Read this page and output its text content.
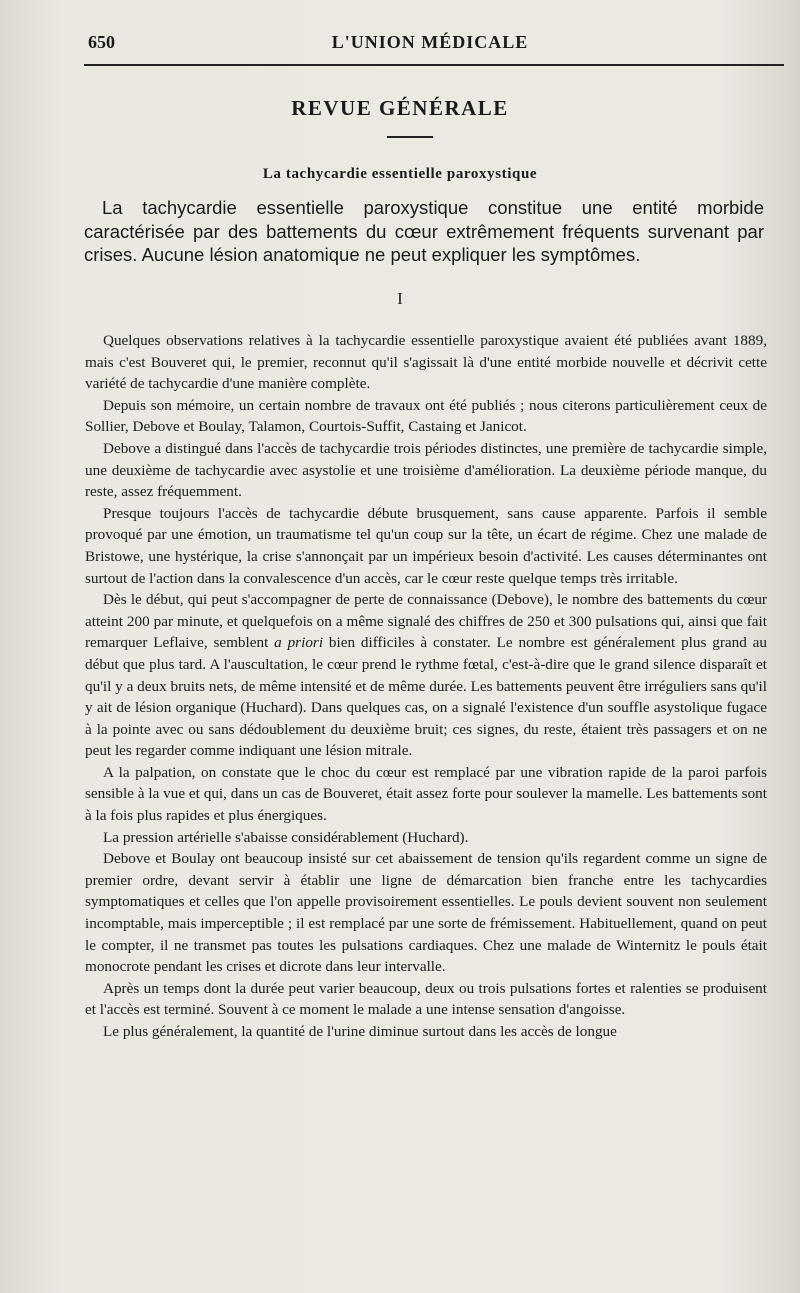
650	L'UNION MÉDICALE
REVUE GÉNÉRALE
La tachycardie essentielle paroxystique
La tachycardie essentielle paroxystique constitue une entité morbide caractérisée par des battements du cœur extrêmement fréquents survenant par crises. Aucune lésion anatomique ne peut expliquer les symptômes.
I

Quelques observations relatives à la tachycardie essentielle paroxystique avaient été publiées avant 1889, mais c'est Bouveret qui, le premier, reconnut qu'il s'agissait là d'une entité morbide nouvelle et décrivit cette variété de tachycardie d'une manière complète.

Depuis son mémoire, un certain nombre de travaux ont été publiés ; nous citerons particulièrement ceux de Sollier, Debove et Boulay, Talamon, Courtois-Suffit, Castaing et Janicot.

Debove a distingué dans l'accès de tachycardie trois périodes distinctes, une première de tachycardie simple, une deuxième de tachycardie avec asystolie et une troisième d'amélioration. La deuxième période manque, du reste, assez fréquemment.

Presque toujours l'accès de tachycardie débute brusquement, sans cause apparente. Parfois il semble provoqué par une émotion, un traumatisme tel qu'un coup sur la tête, un écart de régime. Chez une malade de Bristowe, une hystérique, la crise s'annonçait par un impérieux besoin d'activité. Les causes déterminantes ont surtout de l'action dans la convalescence d'un accès, car le cœur reste quelque temps très irritable.

Dès le début, qui peut s'accompagner de perte de connaissance (Debove), le nombre des battements du cœur atteint 200 par minute, et quelquefois on a même signalé des chiffres de 250 et 300 pulsations qui, ainsi que fait remarquer Leflaive, semblent a priori bien difficiles à constater. Le nombre est généralement plus grand au début que plus tard. A l'auscultation, le cœur prend le rythme fœtal, c'est-à-dire que le grand silence disparaît et qu'il y a deux bruits nets, de même intensité et de même durée. Les battements peuvent être irréguliers sans qu'il y ait de lésion organique (Huchard). Dans quelques cas, on a signalé l'existence d'un souffle asystolique fugace à la pointe avec ou sans dédoublement du deuxième bruit; ces signes, du reste, étaient très passagers et on ne peut les regarder comme indiquant une lésion mitrale.

A la palpation, on constate que le choc du cœur est remplacé par une vibration rapide de la paroi parfois sensible à la vue et qui, dans un cas de Bouveret, était assez forte pour soulever la mamelle. Les battements sont à la fois plus rapides et plus énergiques.

La pression artérielle s'abaisse considérablement (Huchard).

Debove et Boulay ont beaucoup insisté sur cet abaissement de tension qu'ils regardent comme un signe de premier ordre, devant servir à établir une ligne de démarcation bien franche entre les tachycardies symptomatiques et celles que l'on appelle provisoirement essentielles. Le pouls devient souvent non seulement incomptable, mais imperceptible ; il est remplacé par une sorte de frémissement. Habituellement, quand on peut le compter, il ne transmet pas toutes les pulsations cardiaques. Chez une malade de Winternitz le pouls était monocrote pendant les crises et dicrote dans leur intervalle.

Après un temps dont la durée peut varier beaucoup, deux ou trois pulsations fortes et ralenties se produisent et l'accès est terminé. Souvent à ce moment le malade a une intense sensation d'angoisse.

Le plus généralement, la quantité de l'urine diminue surtout dans les accès de longue
